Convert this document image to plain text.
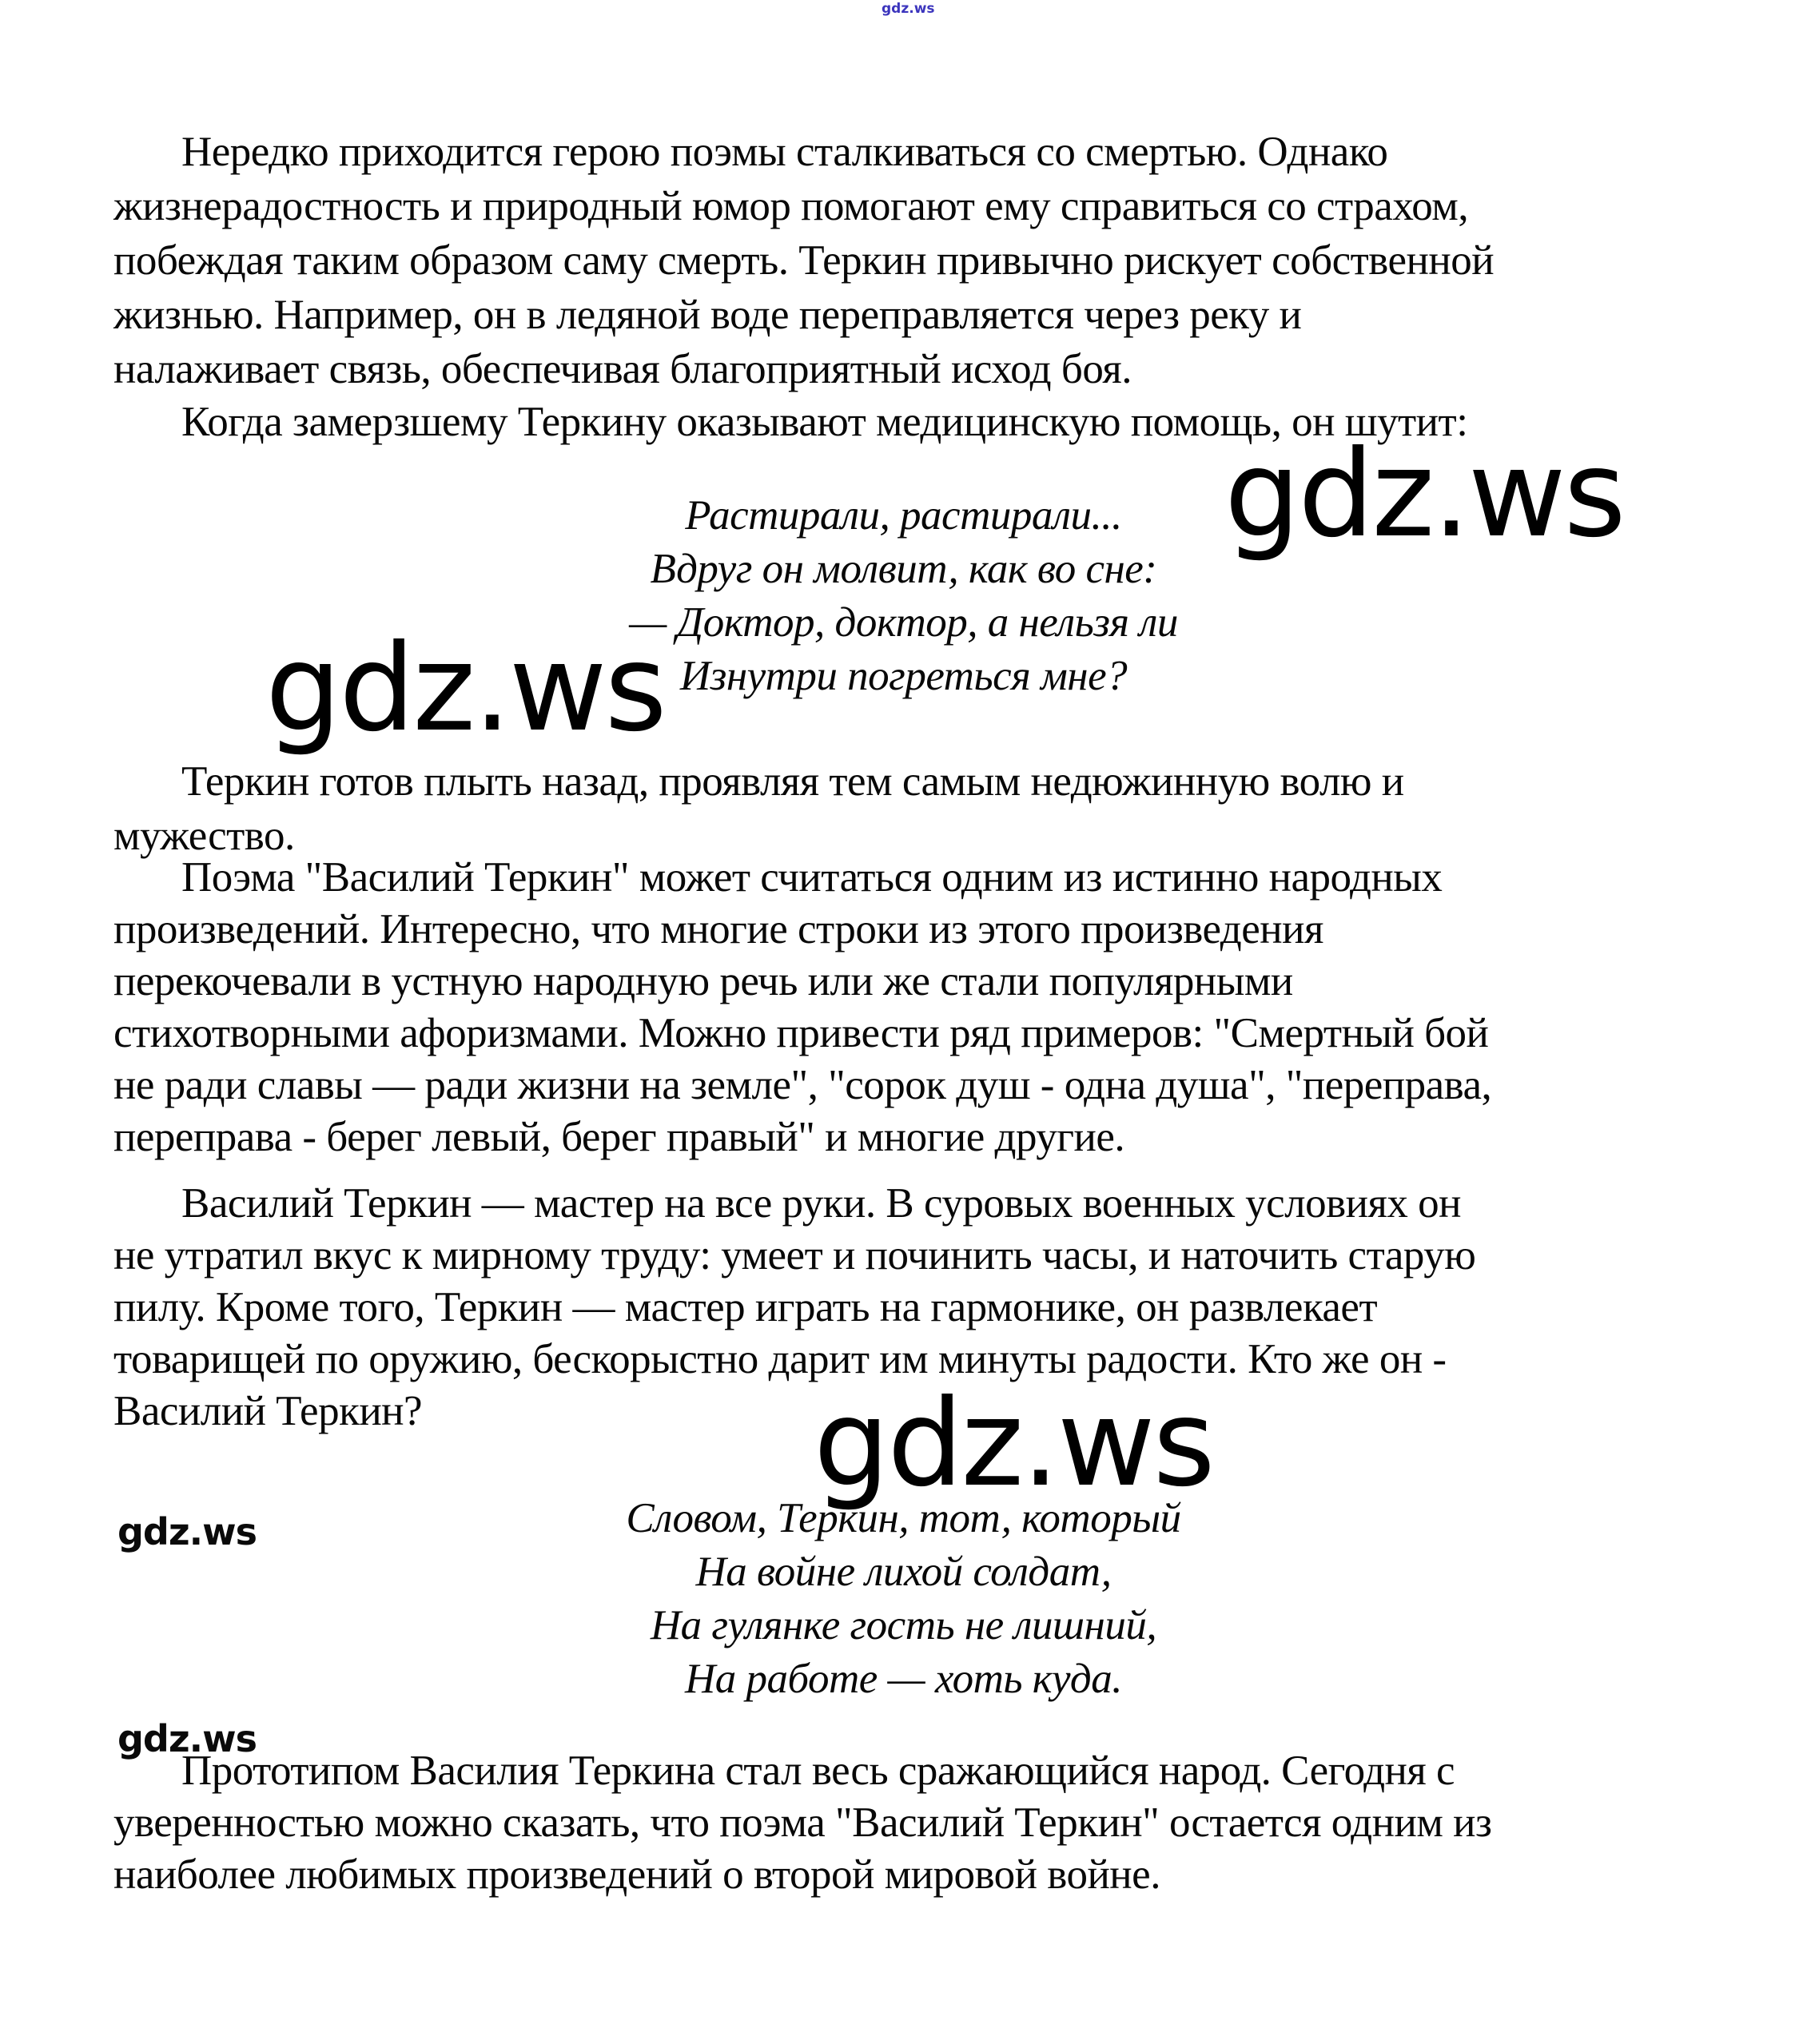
gdz.ws
gdz.ws
gdz.ws
gdz.ws
gdz.ws
gdz.ws
Нередко приходится герою поэмы сталкиваться со смертью. Однако
жизнерадостность и природный юмор помогают ему справиться со страхом,
побеждая таким образом саму смерть. Теркин привычно рискует собственной
жизнью. Например, он в ледяной воде переправляется через реку и
налаживает связь, обеспечивая благоприятный исход боя.
Когда замерзшему Теркину оказывают медицинскую помощь, он шутит:
Растирали, растирали...
Вдруг он молвит, как во сне:
— Доктор, доктор, а нельзя ли
Изнутри погреться мне?
Теркин готов плыть назад, проявляя тем самым недюжинную волю и
мужество.
Поэма "Василий Теркин" может считаться одним из истинно народных
произведений. Интересно, что многие строки из этого произведения
перекочевали в устную народную речь или же стали популярными
стихотворными афоризмами. Можно привести ряд примеров: "Смертный бой
не ради славы — ради жизни на земле", "сорок душ - одна душа", "переправа,
переправа - берег левый, берег правый" и многие другие.
Василий Теркин — мастер на все руки. В суровых военных условиях он
не утратил вкус к мирному труду: умеет и починить часы, и наточить старую
пилу. Кроме того, Теркин — мастер играть на гармонике, он развлекает
товарищей по оружию, бескорыстно дарит им минуты радости. Кто же он -
Василий Теркин?
Словом, Теркин, тот, который
На войне лихой солдат,
На гулянке гость не лишний,
На работе — хоть куда.
Прототипом Василия Теркина стал весь сражающийся народ. Сегодня с
уверенностью можно сказать, что поэма "Василий Теркин" остается одним из
наиболее любимых произведений о второй мировой войне.
